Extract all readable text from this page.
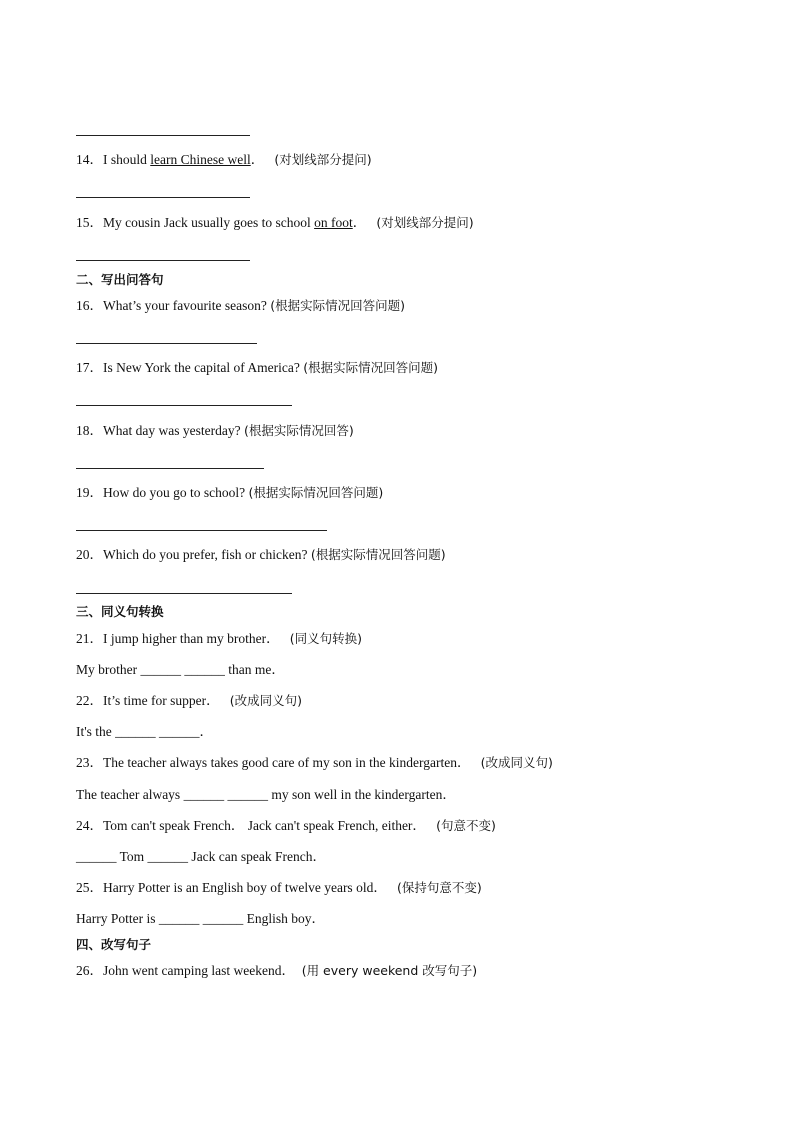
14．I should learn Chinese well． (对划线部分提问)
15．My cousin Jack usually goes to school on foot． (对划线部分提问)
二、写出问答句
16．What’s your favourite season? (根据实际情况回答问题)
17．Is New York the capital of America? (根据实际情况回答问题)
18．What day was yesterday? (根据实际情况回答)
19．How do you go to school? (根据实际情况回答问题)
20．Which do you prefer, fish or chicken? (根据实际情况回答问题)
三、同义句转换
21．I jump higher than my brother． (同义句转换)
My brother ______ ______ than me．
22．It’s time for supper． (改成同义句)
It's the ______ ______．
23．The teacher always takes good care of my son in the kindergarten． (改成同义句)
The teacher always ______ ______ my son well in the kindergarten．
24．Tom can't speak French． Jack can't speak French, either． (句意不变)
______ Tom ______ Jack can speak French．
25．Harry Potter is an English boy of twelve years old． (保持句意不变)
Harry Potter is ______ ______ English boy．
四、改写句子
26．John went camping last weekend． (用 every weekend 改写句子)
